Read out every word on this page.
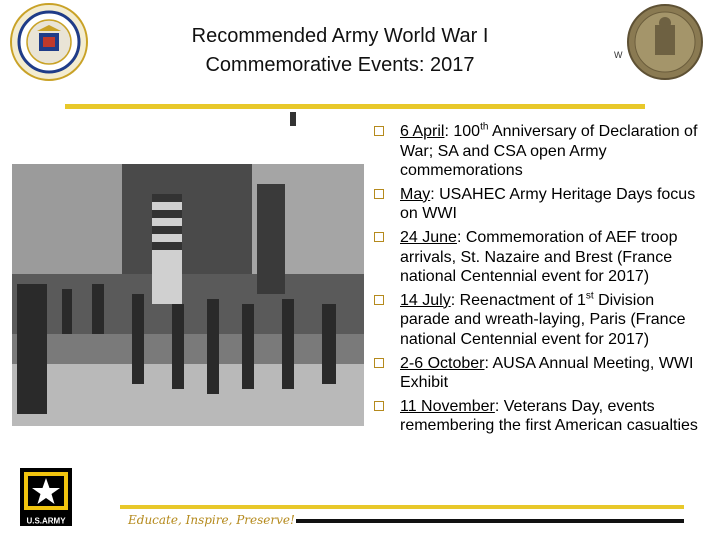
Recommended Army World War I
Commemorative Events: 2017	W
6 April: 100th Anniversary of Declaration of War; SA and CSA open Army commemorations
May: USAHEC Army Heritage Days focus on WWI
24 June: Commemoration of AEF troop arrivals, St. Nazaire and Brest (France national Centennial event for 2017)
14 July: Reenactment of 1st Division parade and wreath-laying, Paris (France national Centennial event for 2017)
2-6 October: AUSA Annual Meeting, WWI Exhibit
11 November: Veterans Day, events remembering the first American casualties
U.S.ARMY	Educate, Inspire, Preserve!
